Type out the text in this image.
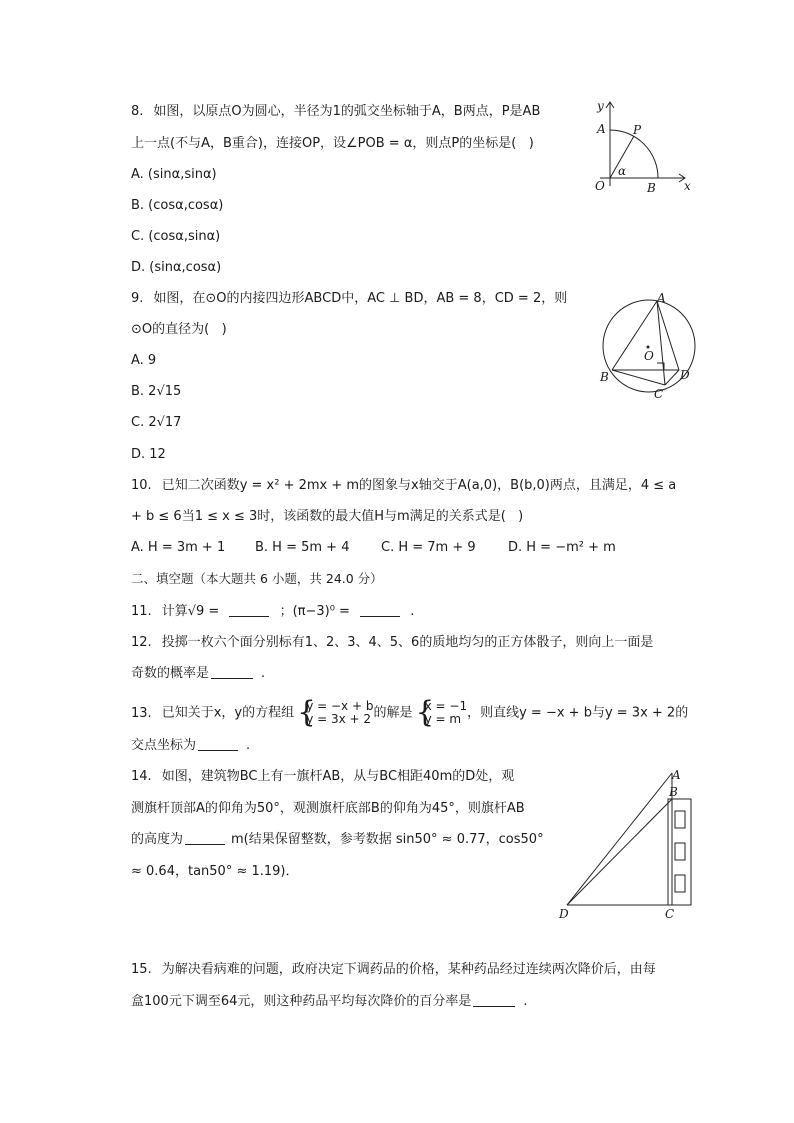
8. 如图，以原点O为圆心，半径为1的弧交坐标轴于A，B两点，P是AB
上一点(不与A，B重合)，连接OP，设∠POB = α，则点P的坐标是(   )
A. (sinα,sinα)
B. (cosα,cosα)
C. (cosα,sinα)
D. (sinα,cosα)
y
x
A P
O	B
α
9. 如图，在⊙O的内接四边形ABCD中，AC ⊥ BD，AB = 8，CD = 2，则
⊙O的直径为(   )
A. 9
B. 2√15
C. 2√17
D. 12
A
O
B
C
D
10. 已知二次函数y = x² + 2mx + m的图象与x轴交于A(a,0)，B(b,0)两点，且满足，4 ≤ a
+ b ≤ 6当1 ≤ x ≤ 3时，该函数的最大值H与m满足的关系式是(   )
A. H = 3m + 1 B. H = 5m + 4 C. H = 7m + 9 D. H = −m² + m
二、填空题（本大题共 6 小题，共 24.0 分）
11. 计算√9 =	；(π−3)⁰ =	.
12. 投掷一枚六个面分别标有1、2、3、4、5、6的质地均匀的正方体骰子，则向上一面是
奇数的概率是	.
13. 已知关于x，y的方程组 { y = −x + b
y = 3x + 2 的解是 { x = −1
y = m ，则直线y = −x + b与y = 3x + 2的
交点坐标为	.
14. 如图，建筑物BC上有一旗杆AB，从与BC相距40m的D处，观
测旗杆顶部A的仰角为50°，观测旗杆底部B的仰角为45°，则旗杆AB
的高度为	m(结果保留整数，参考数据 sin50° ≈ 0.77，cos50°
≈ 0.64，tan50° ≈ 1.19)．
A
B
C
D
15. 为解决看病难的问题，政府决定下调药品的价格，某种药品经过连续两次降价后，由每
盒100元下调至64元，则这种药品平均每次降价的百分率是	.
